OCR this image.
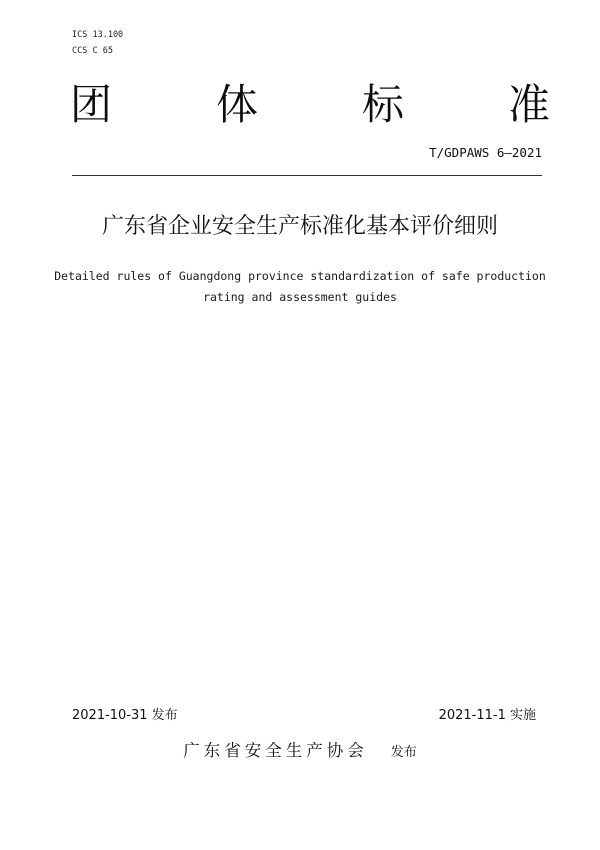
ICS 13.100
CCS C 65
团 体 标 准
T/GDPAWS 6—2021
广东省企业安全生产标准化基本评价细则
Detailed rules of Guangdong province standardization of safe production
rating and assessment guides
2021-10-31 发布	2021-11-1 实施
广东省安全生产协会 发布
